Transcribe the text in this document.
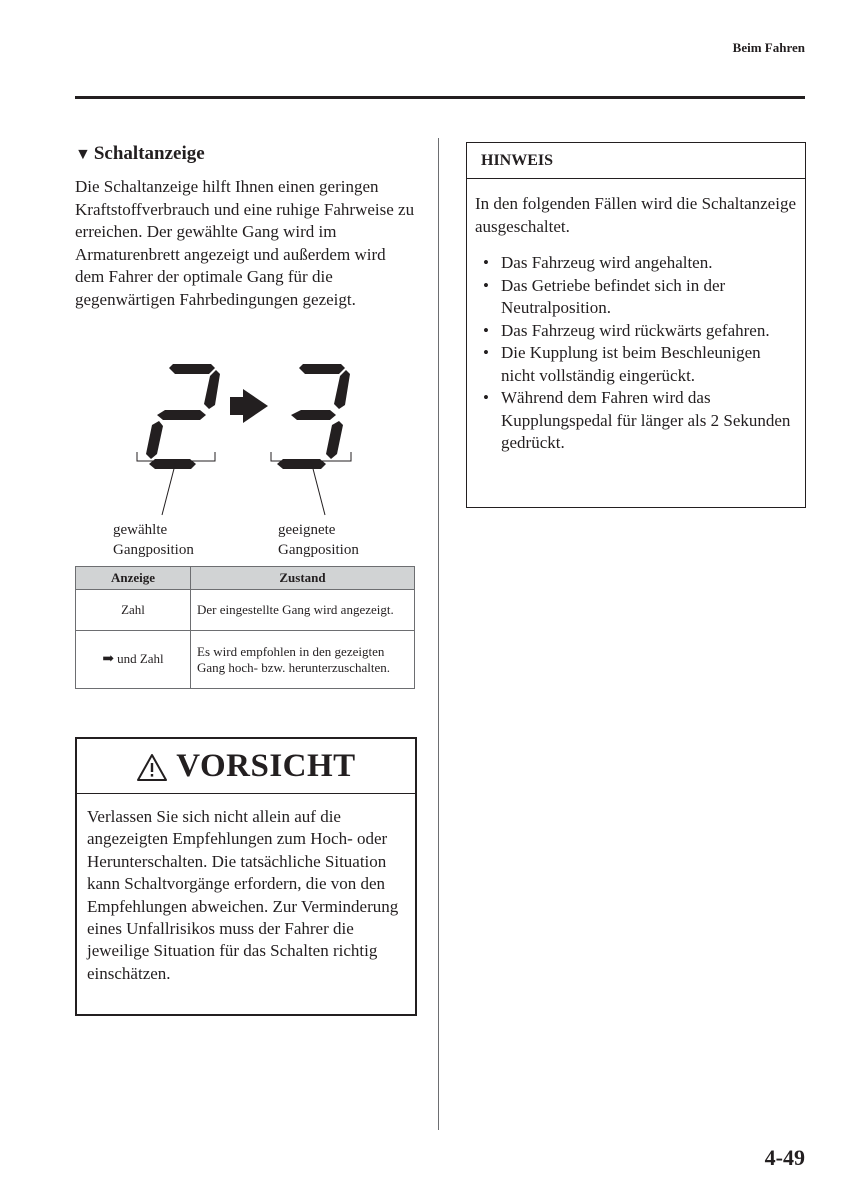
Beim Fahren
▼ Schaltanzeige

Die Schaltanzeige hilft Ihnen einen geringen Kraftstoffverbrauch und eine ruhige Fahrweise zu erreichen. Der gewählte Gang wird im Armaturenbrett angezeigt und außerdem wird dem Fahrer der optimale Gang für die gegenwärtigen Fahrbedingungen gezeigt.

gewählte
Gangposition
geeignete
Gangposition
Anzeige	Zustand
Zahl	Der eingestellte Gang wird angezeigt.
➡ und Zahl	Es wird empfohlen in den gezeigten Gang hoch- bzw. herunterzuschalten.
VORSICHT

Verlassen Sie sich nicht allein auf die angezeigten Empfehlungen zum Hoch- oder Herunterschalten. Die tatsächliche Situation kann Schaltvorgänge erfordern, die von den Empfehlungen abweichen. Zur Verminderung eines Unfallrisikos muss der Fahrer die jeweilige Situation für das Schalten richtig einschätzen.

HINWEIS

In den folgenden Fällen wird die Schaltanzeige ausgeschaltet.

• Das Fahrzeug wird angehalten.
• Das Getriebe befindet sich in der Neutralposition.
• Das Fahrzeug wird rückwärts gefahren.
• Die Kupplung ist beim Beschleunigen nicht vollständig eingerückt.
• Während dem Fahren wird das Kupplungspedal für länger als 2 Sekunden gedrückt.
4-49
